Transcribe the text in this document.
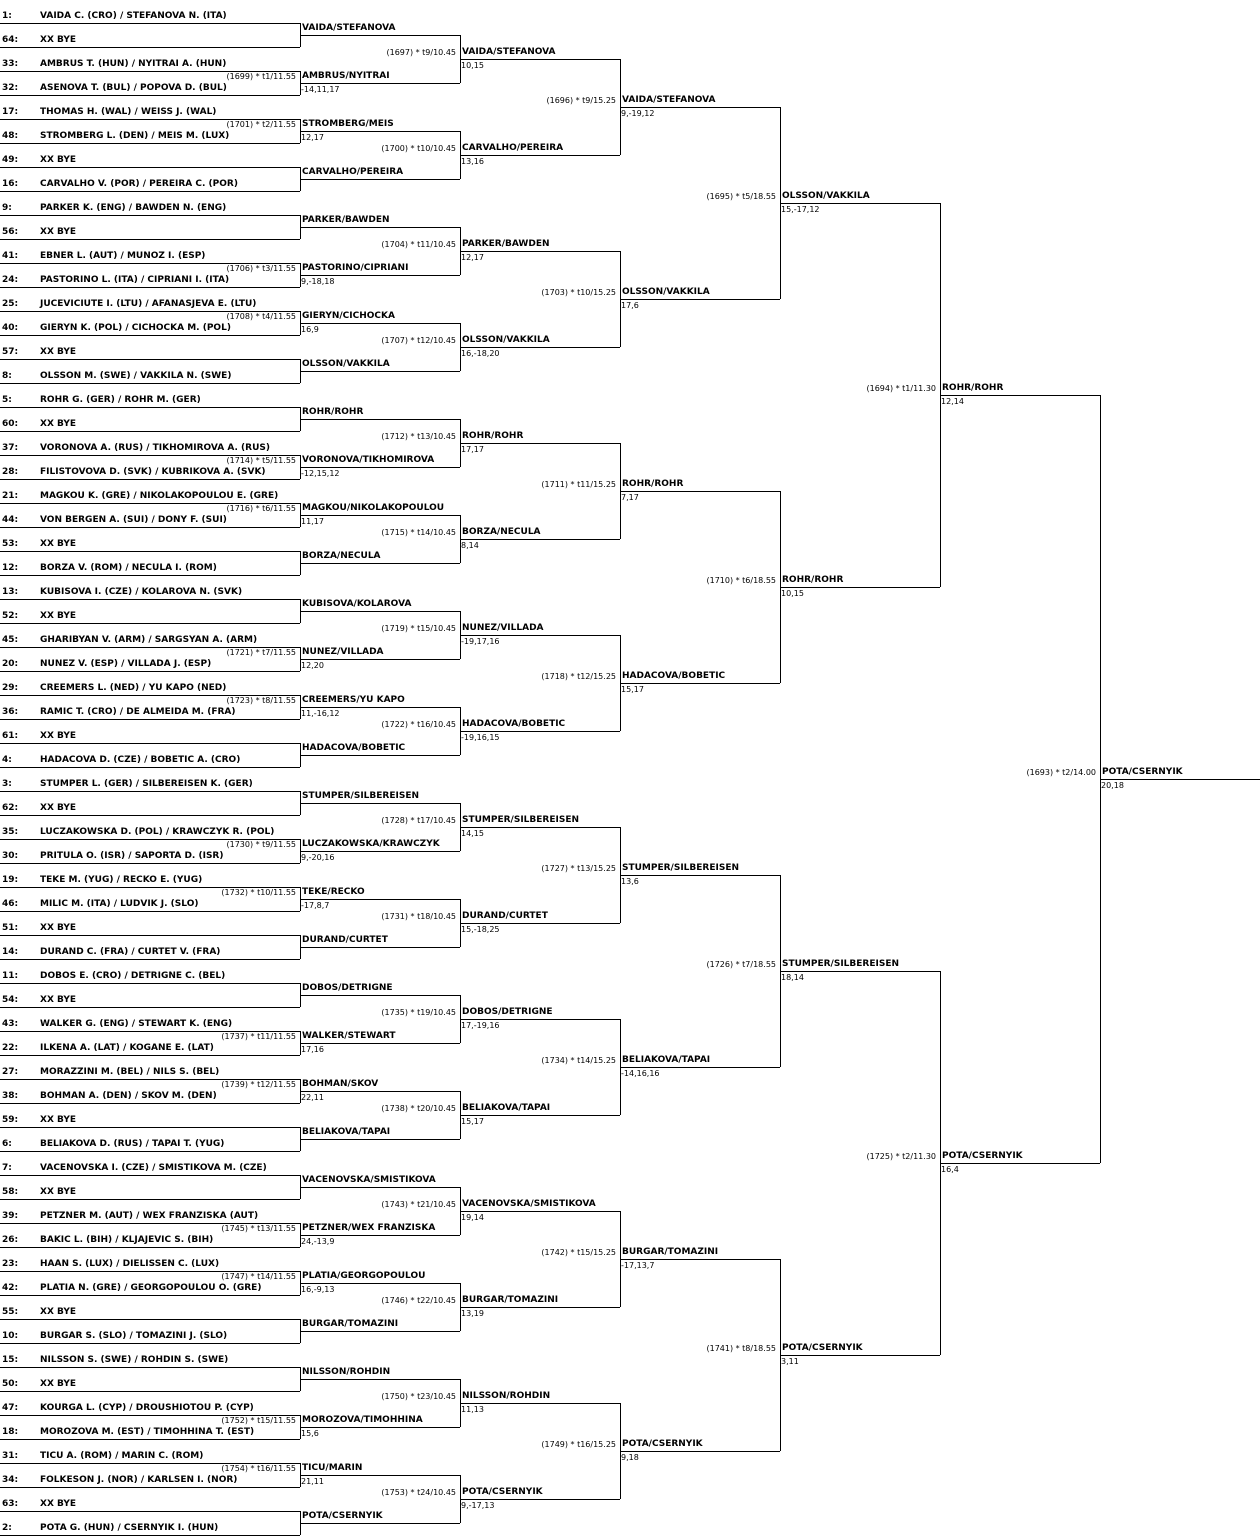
1:	VAIDA C. (CRO) / STEFANOVA N. (ITA)
64: XX BYE
33: AMBRUS T. (HUN) / NYITRAI A. (HUN)
32: ASENOVA T. (BUL) / POPOVA D. (BUL)
17: THOMAS H. (WAL) / WEISS J. (WAL)
48: STROMBERG L. (DEN) / MEIS M. (LUX)
49: XX BYE
16: CARVALHO V. (POR) / PEREIRA C. (POR)
9:	PARKER K. (ENG) / BAWDEN N. (ENG)
56: XX BYE
41: EBNER L. (AUT) / MUNOZ I. (ESP)
24: PASTORINO L. (ITA) / CIPRIANI I. (ITA)
25: JUCEVICIUTE I. (LTU) / AFANASJEVA E. (LTU)
40: GIERYN K. (POL) / CICHOCKA M. (POL)
57: XX BYE
8:	OLSSON M. (SWE) / VAKKILA N. (SWE)
5:	ROHR G. (GER) / ROHR M. (GER)
60: XX BYE
37: VORONOVA A. (RUS) / TIKHOMIROVA A. (RUS)
28: FILISTOVOVA D. (SVK) / KUBRIKOVA A. (SVK)
21: MAGKOU K. (GRE) / NIKOLAKOPOULOU E. (GRE)
44: VON BERGEN A. (SUI) / DONY F. (SUI)
53: XX BYE
12: BORZA V. (ROM) / NECULA I. (ROM)
13: KUBISOVA I. (CZE) / KOLAROVA N. (SVK)
52: XX BYE
45: GHARIBYAN V. (ARM) / SARGSYAN A. (ARM)
20: NUNEZ V. (ESP) / VILLADA J. (ESP)
29: CREEMERS L. (NED) / YU KAPO (NED)
36: RAMIC T. (CRO) / DE ALMEIDA M. (FRA)
61: XX BYE
4:	HADACOVA D. (CZE) / BOBETIC A. (CRO)
3:	STUMPER L. (GER) / SILBEREISEN K. (GER)
62: XX BYE
35: LUCZAKOWSKA D. (POL) / KRAWCZYK R. (POL)
30: PRITULA O. (ISR) / SAPORTA D. (ISR)
19: TEKE M. (YUG) / RECKO E. (YUG)
46: MILIC M. (ITA) / LUDVIK J. (SLO)
51: XX BYE
14: DURAND C. (FRA) / CURTET V. (FRA)
11: DOBOS E. (CRO) / DETRIGNE C. (BEL)
54: XX BYE
43: WALKER G. (ENG) / STEWART K. (ENG)
22: ILKENA A. (LAT) / KOGANE E. (LAT)
27: MORAZZINI M. (BEL) / NILS S. (BEL)
38: BOHMAN A. (DEN) / SKOV M. (DEN)
59: XX BYE
6:	BELIAKOVA D. (RUS) / TAPAI T. (YUG)
7:	VACENOVSKA I. (CZE) / SMISTIKOVA M. (CZE)
58: XX BYE
39: PETZNER M. (AUT) / WEX FRANZISKA (AUT)
26: BAKIC L. (BIH) / KLJAJEVIC S. (BIH)
23: HAAN S. (LUX) / DIELISSEN C. (LUX)
42: PLATIA N. (GRE) / GEORGOPOULOU O. (GRE)
55: XX BYE
10: BURGAR S. (SLO) / TOMAZINI J. (SLO)
15: NILSSON S. (SWE) / ROHDIN S. (SWE)
50: XX BYE
47: KOURGA L. (CYP) / DROUSHIOTOU P. (CYP)
18: MOROZOVA M. (EST) / TIMOHHINA T. (EST)
31: TICU A. (ROM) / MARIN C. (ROM)
34: FOLKESON J. (NOR) / KARLSEN I. (NOR)
63: XX BYE
2:	POTA G. (HUN) / CSERNYIK I. (HUN)
VAIDA/STEFANOVA
AMBRUS/NYITRAI
-14,11,17
(1699) * t1/11.55
STROMBERG/MEIS
12,17
(1701) * t2/11.55
CARVALHO/PEREIRA
PARKER/BAWDEN
PASTORINO/CIPRIANI
9,-18,18
(1706) * t3/11.55
GIERYN/CICHOCKA
16,9
(1708) * t4/11.55
OLSSON/VAKKILA
ROHR/ROHR
VORONOVA/TIKHOMIROVA
-12,15,12
(1714) * t5/11.55
MAGKOU/NIKOLAKOPOULOU
11,17
(1716) * t6/11.55
BORZA/NECULA
KUBISOVA/KOLAROVA
NUNEZ/VILLADA
12,20
(1721) * t7/11.55
CREEMERS/YU KAPO
11,-16,12
(1723) * t8/11.55
HADACOVA/BOBETIC
STUMPER/SILBEREISEN
LUCZAKOWSKA/KRAWCZYK
9,-20,16
(1730) * t9/11.55
TEKE/RECKO
-17,8,7
(1732) * t10/11.55
DURAND/CURTET
DOBOS/DETRIGNE
WALKER/STEWART
17,16
(1737) * t11/11.55
BOHMAN/SKOV
22,11
(1739) * t12/11.55
BELIAKOVA/TAPAI
VACENOVSKA/SMISTIKOVA
PETZNER/WEX FRANZISKA
24,-13,9
(1745) * t13/11.55
PLATIA/GEORGOPOULOU
16,-9,13
(1747) * t14/11.55
BURGAR/TOMAZINI
NILSSON/ROHDIN
MOROZOVA/TIMOHHINA
15,6
(1752) * t15/11.55
TICU/MARIN
21,11
(1754) * t16/11.55
POTA/CSERNYIK
VAIDA/STEFANOVA
10,15
(1697) * t9/10.45
CARVALHO/PEREIRA
13,16
(1700) * t10/10.45
PARKER/BAWDEN
12,17
(1704) * t11/10.45
OLSSON/VAKKILA
16,-18,20
(1707) * t12/10.45
ROHR/ROHR
17,17
(1712) * t13/10.45
BORZA/NECULA
8,14
(1715) * t14/10.45
NUNEZ/VILLADA
-19,17,16
(1719) * t15/10.45
HADACOVA/BOBETIC
-19,16,15
(1722) * t16/10.45
STUMPER/SILBEREISEN
14,15
(1728) * t17/10.45
DURAND/CURTET
15,-18,25
(1731) * t18/10.45
DOBOS/DETRIGNE
17,-19,16
(1735) * t19/10.45
BELIAKOVA/TAPAI
15,17
(1738) * t20/10.45
VACENOVSKA/SMISTIKOVA
19,14
(1743) * t21/10.45
BURGAR/TOMAZINI
13,19
(1746) * t22/10.45
NILSSON/ROHDIN
11,13
(1750) * t23/10.45
POTA/CSERNYIK
9,-17,13
(1753) * t24/10.45
VAIDA/STEFANOVA
9,-19,12
(1696) * t9/15.25
OLSSON/VAKKILA
17,6
(1703) * t10/15.25
ROHR/ROHR
7,17
(1711) * t11/15.25
HADACOVA/BOBETIC
15,17
(1718) * t12/15.25
STUMPER/SILBEREISEN
13,6
(1727) * t13/15.25
BELIAKOVA/TAPAI
-14,16,16
(1734) * t14/15.25
BURGAR/TOMAZINI
-17,13,7
(1742) * t15/15.25
POTA/CSERNYIK
9,18
(1749) * t16/15.25
OLSSON/VAKKILA
15,-17,12
(1695) * t5/18.55
ROHR/ROHR
10,15
(1710) * t6/18.55
STUMPER/SILBEREISEN
18,14
(1726) * t7/18.55
POTA/CSERNYIK
3,11
(1741) * t8/18.55
ROHR/ROHR
12,14
(1694) * t1/11.30
POTA/CSERNYIK
16,4
(1725) * t2/11.30
POTA/CSERNYIK
20,18
(1693) * t2/14.00
